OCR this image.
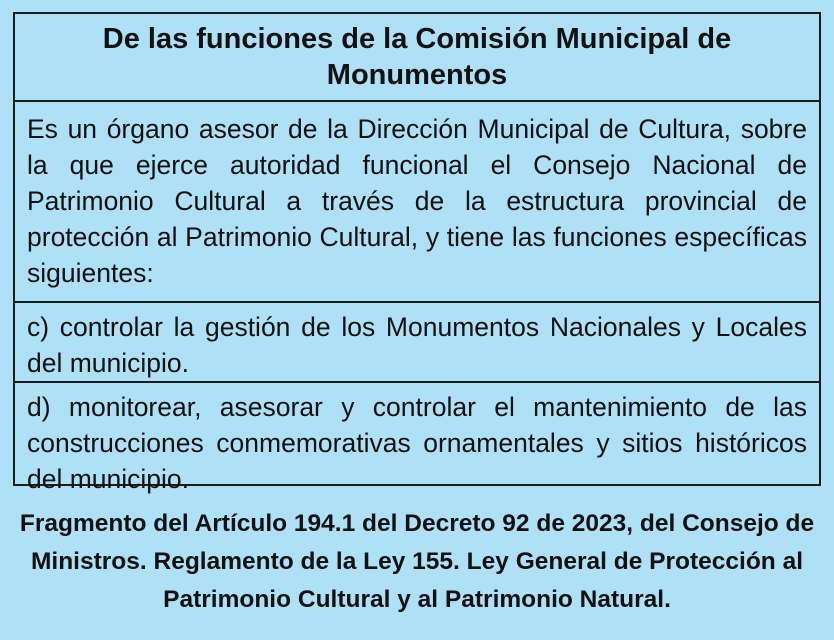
De las funciones de la Comisión Municipal de Monumentos
Es un órgano asesor de la Dirección Municipal de Cultura, sobre la que ejerce autoridad funcional el Consejo Nacional de Patrimonio Cultural a través de la estructura provincial de protección al Patrimonio Cultural, y tiene las funciones específicas siguientes:
c) controlar la gestión de los Monumentos Nacionales y Locales del municipio.
d) monitorear, asesorar y controlar el mantenimiento de las construcciones conmemorativas ornamentales y sitios históricos del municipio.
Fragmento del Artículo 194.1 del Decreto 92 de 2023, del Consejo de Ministros. Reglamento de la Ley 155. Ley General de Protección al Patrimonio Cultural y al Patrimonio Natural.
